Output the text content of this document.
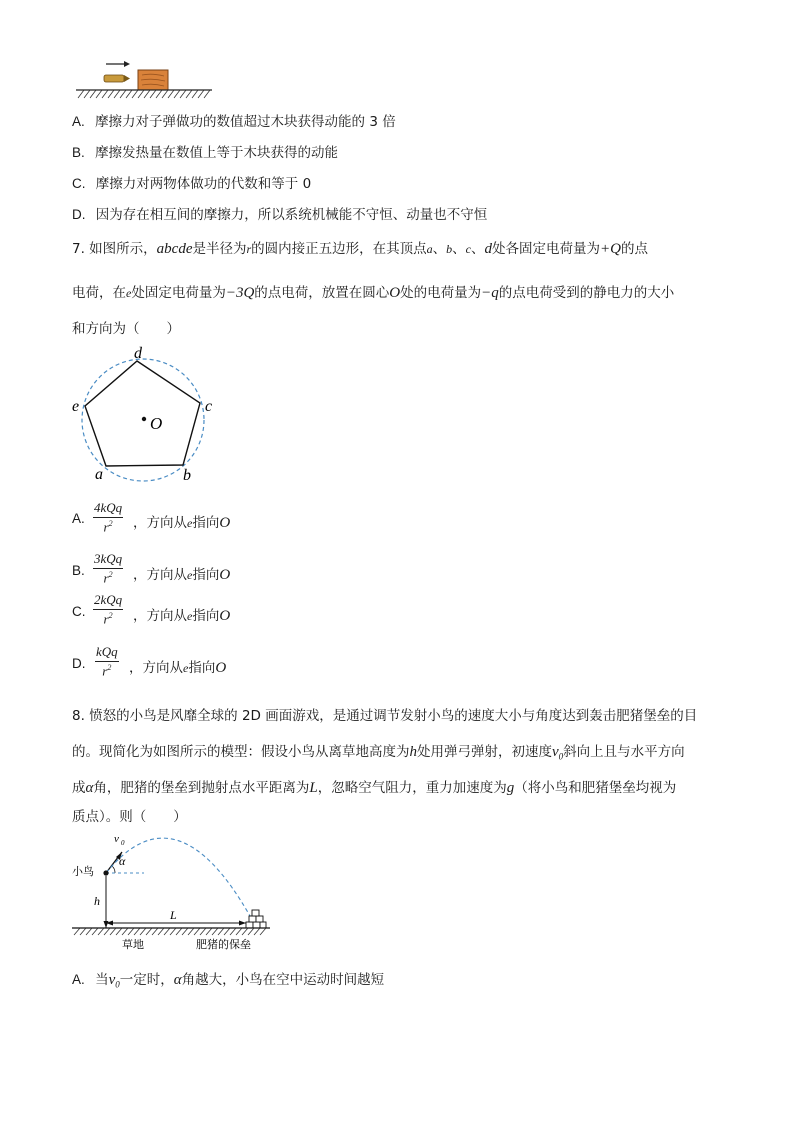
A. 摩擦力对子弹做功的数值超过木块获得动能的 3 倍
B. 摩擦发热量在数值上等于木块获得的动能
C. 摩擦力对两物体做功的代数和等于 0
D. 因为存在相互间的摩擦力，所以系统机械能不守恒、动量也不守恒
7. 如图所示，abcde是半径为r的圆内接正五边形，在其顶点a、b、c、d处各固定电荷量为+Q的点
电荷，在e处固定电荷量为−3Q的点电荷，放置在圆心O处的电荷量为−q的点电荷受到的静电力的大小
和方向为（　　）
d
e	c
a	b
O
A.
4kQq
$r^2$	，方向从e指向O
B.
3kQq
$r^2$	，方向从e指向O
C.
2kQq
$r^2$	，方向从e指向O
D.
kQq
$r^2$	，方向从e指向O
8. 愤怒的小鸟是风靡全球的 2D 画面游戏，是通过调节发射小鸟的速度大小与角度达到轰击肥猪堡垒的目
的。现简化为如图所示的模型：假设小鸟从离草地高度为h处用弹弓弹射，初速度$v_0$斜向上且与水平方向
成α角，肥猪的堡垒到抛射点水平距离为L，忽略空气阻力，重力加速度为g（将小鸟和肥猪堡垒均视为
质点）。则（　　）
v 0
α
小鸟
h
L
草地	肥猪的保垒
A. 当$v_0$一定时，α角越大，小鸟在空中运动时间越短
